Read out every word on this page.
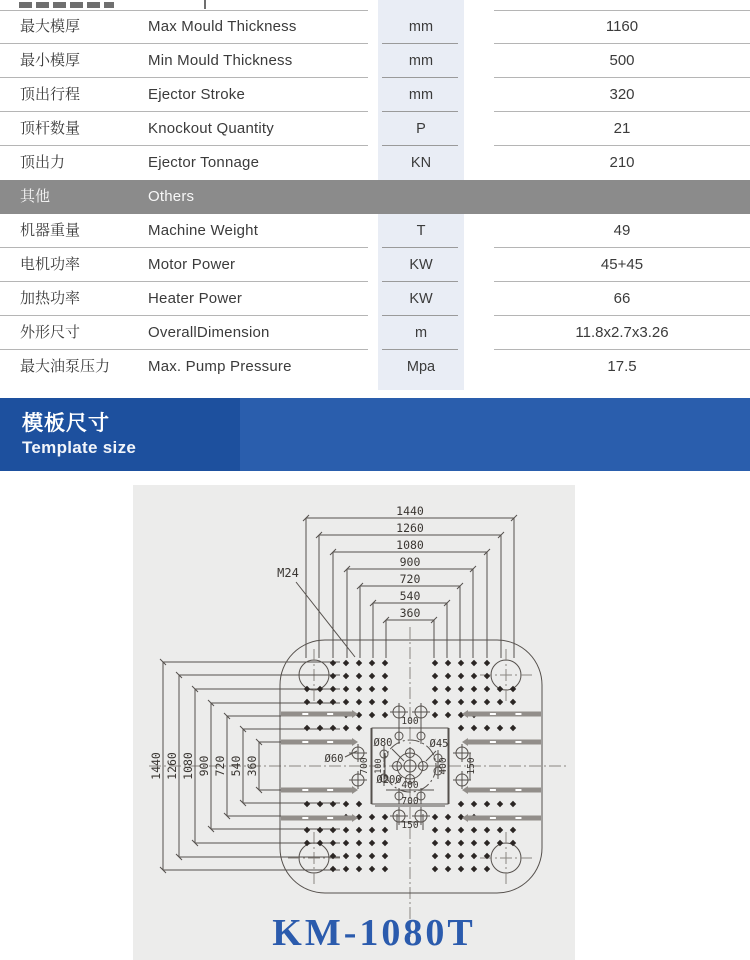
最大模厚	Max Mould Thickness	mm	1160
最小模厚	Min Mould Thickness	mm	500
顶出行程	Ejector Stroke	mm	320
顶杆数量	Knockout Quantity	P	21
顶出力	Ejector Tonnage	KN	210
其他	Others
机器重量	Machine Weight	T	49
电机功率	Motor Power	KW	45+45
加热功率	Heater Power	KW	66
外形尺寸	OverallDimension	m	11.8x2.7x3.26
最大油泵压力	Max. Pump Pressure	Mpa	17.5
模板尺寸
Template size
1440
1260
1080
900
720
540
360
1440 1260 1080 900 720 540 360
M24
Ø60
Ø80	Ø45
Ø200
100
400
700
150
700 100	400 150
KM-1080T
